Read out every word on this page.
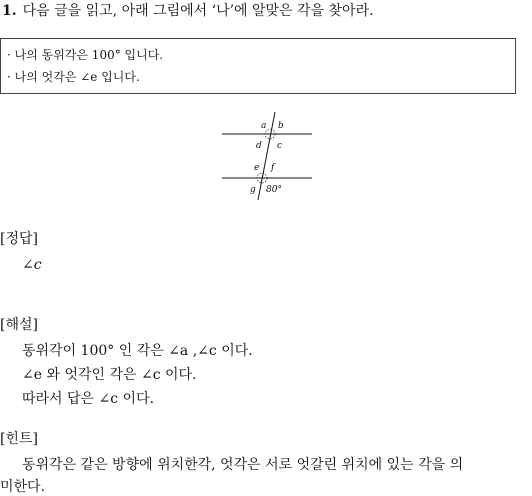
1. 다음 글을 읽고, 아래 그림에서 ‘나’에 알맞은 각을 찾아라.
· 나의 동위각은 100° 입니다.
· 나의 엇각은 ∠e 입니다.
a b
c
d
e f
g 80°
[정답]
∠c
[해설]
동위각이 100° 인 각은 ∠a ,∠c 이다.
∠e 와 엇각인 각은 ∠c 이다.
따라서 답은 ∠c 이다.
[힌트]
동위각은 같은 방향에 위치한각, 엇각은 서로 엇갈린 위치에 있는 각을 의
미한다.
